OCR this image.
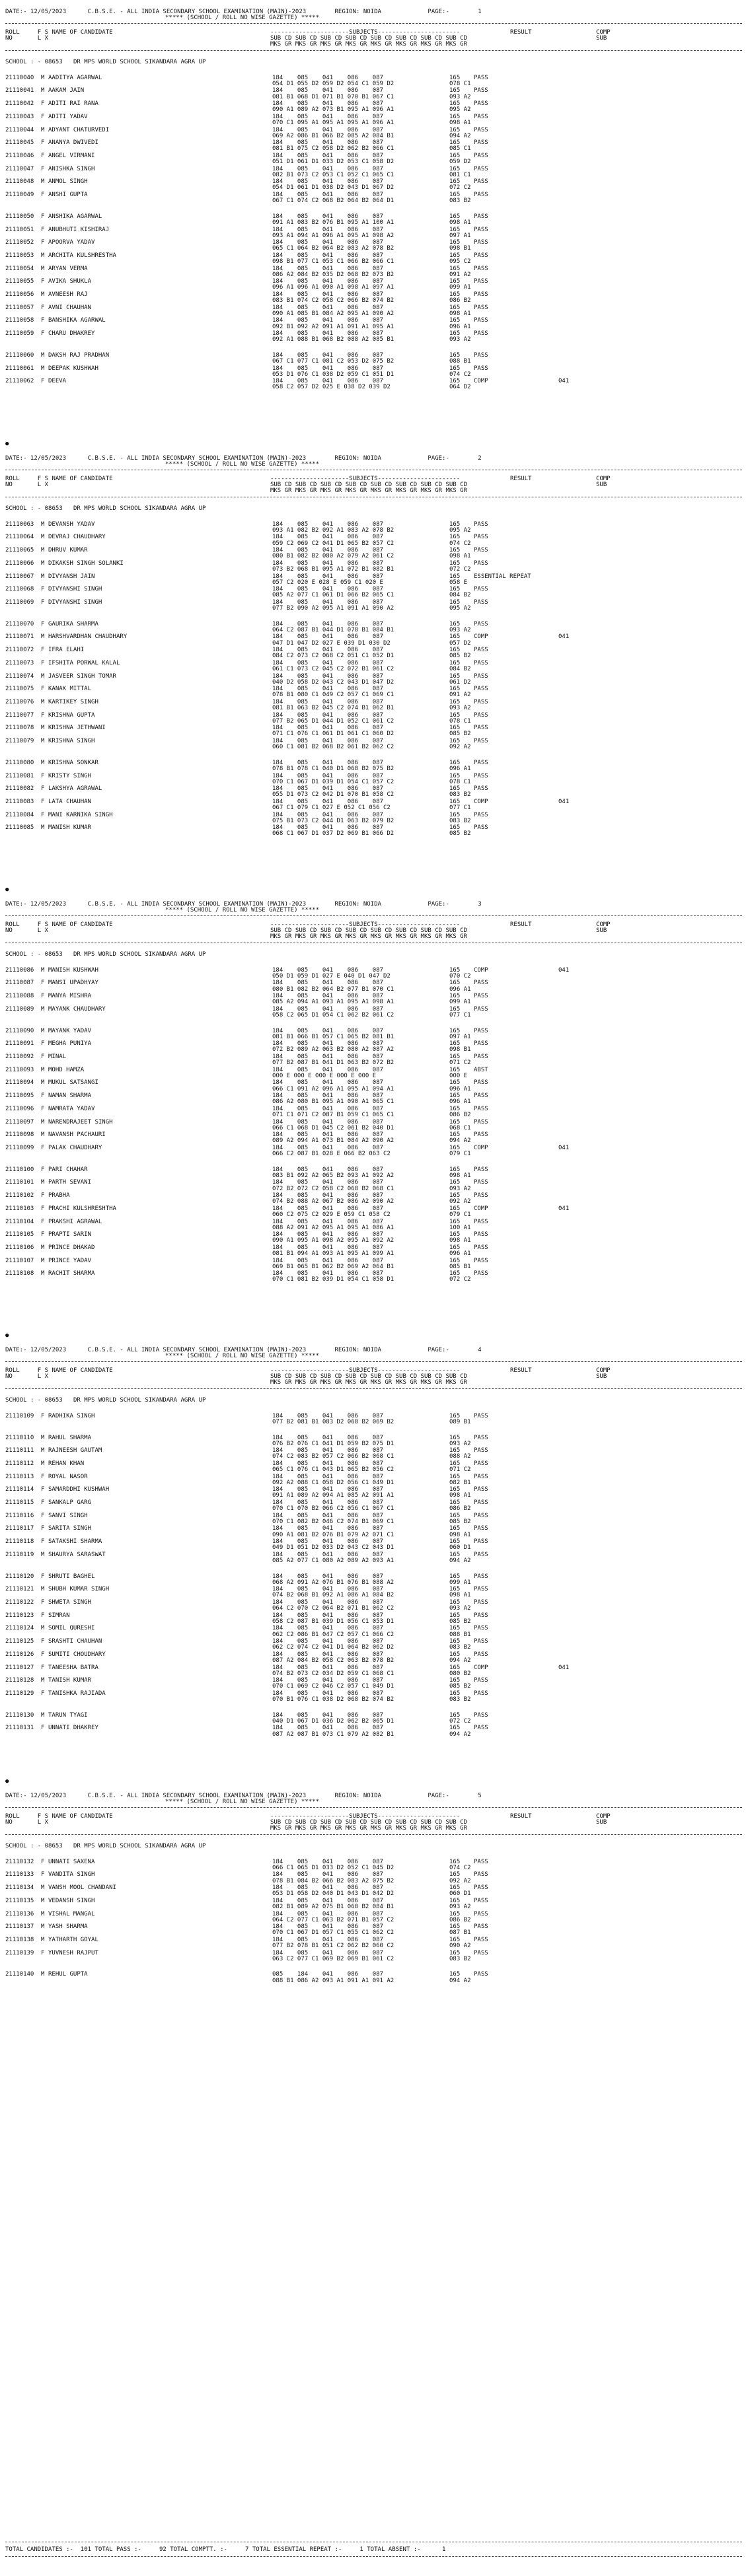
DATE:- 12/05/2023      C.B.S.E. - ALL INDIA SECONDARY SCHOOL EXAMINATION (MAIN)-2023        REGION: NOIDA             PAGE:-        1
***** (SCHOOL / ROLL NO WISE GAZETTE) *****
ROLL     F S NAME OF CANDIDATE                                            ----------------------SUBJECTS-----------------------              RESULT                  COMP
NO       L X                                                              SUB CD SUB CD SUB CD SUB CD SUB CD SUB CD SUB CD SUB CD                                    SUB
MKS GR MKS GR MKS GR MKS GR MKS GR MKS GR MKS GR MKS GR
SCHOOL : - 08653   DR MPS WORLD SCHOOL SIKANDARA AGRA UP
21110040 M AADITYA AGARWAL	184    085    041    086    087	165 PASS
054 D1 055 D2 059 D2 054 C1 059 D2	078 C1
21110041 M AAKAM JAIN	184    085    041    086    087	165 PASS
081 B1 068 D1 071 B1 070 B1 067 C1	093 A2
21110042 F ADITI RAI RANA	184    085    041    086    087	165 PASS
090 A1 089 A2 073 B1 095 A1 096 A1	095 A2
21110043 F ADITI YADAV	184    085    041    086    087	165 PASS
070 C1 095 A1 095 A1 095 A1 096 A1	098 A1
21110044 M ADYANT CHATURVEDI	184    085    041    086    087	165 PASS
069 A2 086 B1 066 B2 085 A2 084 B1	094 A2
21110045 F ANANYA DWIVEDI	184    085    041    086    087	165 PASS
081 B1 075 C2 058 D2 062 B2 066 C1	085 C1
21110046 F ANGEL VIRMANI	184    085    041    086    087	165 PASS
051 D1 061 D1 033 D2 053 C1 058 D2	059 D2
21110047 F ANISHKA SINGH	184    085    041    086    087	165 PASS
082 B1 073 C2 053 C1 052 C1 065 C1	081 C1
21110048 M ANMOL SINGH	184    085    041    086    087	165 PASS
054 D1 061 D1 038 D2 043 D1 067 D2	072 C2
21110049 F ANSHI GUPTA	184    085    041    086    087	165 PASS
067 C1 074 C2 068 B2 064 B2 064 D1	083 B2
21110050 F ANSHIKA AGARWAL	184    085    041    086    087	165 PASS
091 A1 083 B2 076 B1 095 A1 100 A1	098 A1
21110051 F ANUBHUTI KISHIRAJ	184    085    041    086    087	165 PASS
093 A1 094 A1 096 A1 095 A1 098 A2	097 A1
21110052 F APOORVA YADAV	184    085    041    086    087	165 PASS
065 C1 064 B2 064 B2 083 A2 078 B2	098 B1
21110053 M ARCHITA KULSHRESTHA	184    085    041    086    087	165 PASS
098 B1 077 C1 053 C1 066 B2 066 C1	095 C2
21110054 M ARYAN VERMA	184    085    041    086    087	165 PASS
086 A2 084 B2 035 D2 068 B2 073 B2	091 A2
21110055 F AVIKA SHUKLA	184    085    041    086    087	165 PASS
096 A1 096 A1 090 A1 098 A1 097 A1	099 A1
21110056 M AVNEESH RAJ	184    085    041    086    087	165 PASS
083 B1 074 C2 058 C2 066 B2 074 B2	086 B2
21110057 F AVNI CHAUHAN	184    085    041    086    087	165 PASS
090 A1 085 B1 084 A2 095 A1 090 A2	098 A1
21110058 F BANSHIKA AGARWAL	184    085    041    086    087	165 PASS
092 B1 092 A2 091 A1 091 A1 095 A1	096 A1
21110059 F CHARU DHAKREY	184    085    041    086    087	165 PASS
092 A1 088 B1 068 B2 088 A2 085 B1	093 A2
21110060 M DAKSH RAJ PRADHAN	184    085    041    086    087	165 PASS
067 C1 077 C1 081 C2 053 D2 075 B2	088 B1
21110061 M DEEPAK KUSHWAH	184    085    041    086    087	165 PASS
053 D1 076 C1 038 D2 059 C1 051 D1	074 C2
21110062 F DEEVA	184    085    041    086    087	165 COMP	041
058 C2 057 D2 025 E 038 D2 039 D2	064 D2
●
DATE:- 12/05/2023      C.B.S.E. - ALL INDIA SECONDARY SCHOOL EXAMINATION (MAIN)-2023        REGION: NOIDA             PAGE:-        2
***** (SCHOOL / ROLL NO WISE GAZETTE) *****
ROLL     F S NAME OF CANDIDATE                                            ----------------------SUBJECTS-----------------------              RESULT                  COMP
NO       L X                                                              SUB CD SUB CD SUB CD SUB CD SUB CD SUB CD SUB CD SUB CD                                    SUB
MKS GR MKS GR MKS GR MKS GR MKS GR MKS GR MKS GR MKS GR
SCHOOL : - 08653   DR MPS WORLD SCHOOL SIKANDARA AGRA UP
21110063 M DEVANSH YADAV	184    085    041    086    087	165 PASS
093 A1 082 B2 092 A1 083 A2 078 B2	095 A2
21110064 M DEVRAJ CHAUDHARY	184    085    041    086    087	165 PASS
059 C2 069 C2 041 D1 065 B2 057 C2	074 C2
21110065 M DHRUV KUMAR	184    085    041    086    087	165 PASS
080 B1 082 B2 080 A2 079 A2 061 C2	098 A1
21110066 M DIKAKSH SINGH SOLANKI	184    085    041    086    087	165 PASS
073 B2 068 B1 095 A1 072 B1 082 B1	072 C2
21110067 M DIVYANSH JAIN	184    085    041    086    087	165 ESSENTIAL REPEAT
057 C2 020 E 028 E 059 C1 020 E	058 E
21110068 F DIVYANSHI SINGH	184    085    041    086    087	165 PASS
085 A2 077 C1 061 D1 066 B2 065 C1	084 B2
21110069 F DIVYANSHI SINGH	184    085    041    086    087	165 PASS
077 B2 090 A2 095 A1 091 A1 090 A2	095 A2
21110070 F GAURIKA SHARMA	184    085    041    086    087	165 PASS
064 C2 087 B1 044 D1 078 B1 084 B1	093 A2
21110071 M HARSHVARDHAN CHAUDHARY	184    085    041    086    087	165 COMP	041
047 D1 047 D2 027 E 039 D1 030 D2	057 D2
21110072 F IFRA ELAHI	184    085    041    086    087	165 PASS
084 C2 073 C2 068 C2 051 C1 052 D1	085 B2
21110073 F IFSHITA PORWAL KALAL	184    085    041    086    087	165 PASS
061 C1 073 C2 045 C2 072 B1 061 C2	084 B2
21110074 M JASVEER SINGH TOMAR	184    085    041    086    087	165 PASS
040 D2 058 D2 043 C2 043 D1 047 D2	061 D2
21110075 F KANAK MITTAL	184    085    041    086    087	165 PASS
078 B1 080 C1 049 C2 057 C1 069 C1	091 A2
21110076 M KARTIKEY SINGH	184    085    041    086    087	165 PASS
081 B1 063 B2 045 C2 074 B1 062 B1	093 A2
21110077 F KRISHNA GUPTA	184    085    041    086    087	165 PASS
077 B2 065 D1 044 D1 052 C1 061 C2	078 C1
21110078 M KRISHNA JETHWANI	184    085    041    086    087	165 PASS
071 C1 076 C1 061 D1 061 C1 060 D2	085 B2
21110079 M KRISHNA SINGH	184    085    041    086    087	165 PASS
060 C1 081 B2 068 B2 061 B2 062 C2	092 A2
21110080 M KRISHNA SONKAR	184    085    041    086    087	165 PASS
078 B1 078 C1 040 D1 068 B2 075 B2	096 A1
21110081 F KRISTY SINGH	184    085    041    086    087	165 PASS
070 C1 067 D1 039 D1 054 C1 057 C2	078 C1
21110082 F LAKSHYA AGRAWAL	184    085    041    086    087	165 PASS
055 D1 073 C2 042 D1 070 B1 058 C2	083 B2
21110083 F LATA CHAUHAN	184    085    041    086    087	165 COMP	041
067 C1 079 C1 027 E 052 C1 056 C2	077 C1
21110084 F MANI KARNIKA SINGH	184    085    041    086    087	165 PASS
075 B1 073 C2 044 D1 063 B2 079 B2	083 B2
21110085 M MANISH KUMAR	184    085    041    086    087	165 PASS
068 C1 067 D1 037 D2 069 B1 066 D2	085 B2
●
DATE:- 12/05/2023      C.B.S.E. - ALL INDIA SECONDARY SCHOOL EXAMINATION (MAIN)-2023        REGION: NOIDA             PAGE:-        3
***** (SCHOOL / ROLL NO WISE GAZETTE) *****
ROLL     F S NAME OF CANDIDATE                                            ----------------------SUBJECTS-----------------------              RESULT                  COMP
NO       L X                                                              SUB CD SUB CD SUB CD SUB CD SUB CD SUB CD SUB CD SUB CD                                    SUB
MKS GR MKS GR MKS GR MKS GR MKS GR MKS GR MKS GR MKS GR
SCHOOL : - 08653   DR MPS WORLD SCHOOL SIKANDARA AGRA UP
21110086 M MANISH KUSHWAH	184    085    041    086    087	165 COMP	041
050 D1 059 D1 027 E 040 D1 047 D2	070 C2
21110087 F MANSI UPADHYAY	184    085    041    086    087	165 PASS
080 B1 082 B2 064 B2 077 B1 070 C1	096 A1
21110088 F MANYA MISHRA	184    085    041    086    087	165 PASS
085 A2 094 A1 093 A1 095 A1 098 A1	099 A1
21110089 M MAYANK CHAUDHARY	184    085    041    086    087	165 PASS
058 C2 065 D1 054 C1 062 B2 061 C2	077 C1
21110090 M MAYANK YADAV	184    085    041    086    087	165 PASS
081 B1 066 B1 057 C1 065 B2 081 B1	097 A1
21110091 F MEGHA PUNIYA	184    085    041    086    087	165 PASS
072 B2 089 A2 063 B2 080 A2 087 A2	098 B1
21110092 F MINAL	184    085    041    086    087	165 PASS
077 B2 087 B1 041 D1 063 B2 072 B2	071 C2
21110093 M MOHD HAMZA	184    085    041    086    087	165 ABST
000 E 000 E 000 E 000 E 000 E	000 E
21110094 M MUKUL SATSANGI	184    085    041    086    087	165 PASS
066 C1 091 A2 096 A1 095 A1 094 A1	096 A1
21110095 F NAMAN SHARMA	184    085    041    086    087	165 PASS
086 A2 080 B1 095 A1 090 A1 065 C1	096 A1
21110096 F NAMRATA YADAV	184    085    041    086    087	165 PASS
071 C1 071 C2 087 B1 059 C1 065 C1	086 B2
21110097 M NARENDRAJEET SINGH	184    085    041    086    087	165 PASS
066 C1 068 D1 045 C2 061 B2 040 D1	068 C1
21110098 M NAVANSH PACHAURI	184    085    041    086    087	165 PASS
089 A2 094 A1 073 B1 084 A2 090 A2	094 A2
21110099 F PALAK CHAUDHARY	184    085    041    086    087	165 COMP	041
066 C2 087 B1 028 E 066 B2 063 C2	079 C1
21110100 F PARI CHAHAR	184    085    041    086    087	165 PASS
083 B1 092 A2 065 B2 093 A1 092 A2	098 A1
21110101 M PARTH SEVANI	184    085    041    086    087	165 PASS
072 B2 072 C2 058 C2 068 B2 068 C1	093 A2
21110102 F PRABHA	184    085    041    086    087	165 PASS
074 B2 088 A2 067 B2 086 A2 090 A2	092 A2
21110103 F PRACHI KULSHRESHTHA	184    085    041    086    087	165 COMP	041
060 C2 075 C2 029 E 059 C1 058 C2	079 C1
21110104 F PRAKSHI AGRAWAL	184    085    041    086    087	165 PASS
088 A2 091 A2 095 A1 095 A1 086 A1	100 A1
21110105 F PRAPTI SARIN	184    085    041    086    087	165 PASS
090 A1 095 A1 098 A2 095 A1 092 A2	098 A1
21110106 M PRINCE DHAKAD	184    085    041    086    087	165 PASS
081 B1 094 A1 093 A1 095 A1 099 A1	096 A1
21110107 M PRINCE YADAV	184    085    041    086    087	165 PASS
069 B1 065 B1 062 B2 069 A2 064 B1	085 B1
21110108 M RACHIT SHARMA	184    085    041    086    087	165 PASS
070 C1 081 B2 039 D1 054 C1 058 D1	072 C2
●
DATE:- 12/05/2023      C.B.S.E. - ALL INDIA SECONDARY SCHOOL EXAMINATION (MAIN)-2023        REGION: NOIDA             PAGE:-        4
***** (SCHOOL / ROLL NO WISE GAZETTE) *****
ROLL     F S NAME OF CANDIDATE                                            ----------------------SUBJECTS-----------------------              RESULT                  COMP
NO       L X                                                              SUB CD SUB CD SUB CD SUB CD SUB CD SUB CD SUB CD SUB CD                                    SUB
MKS GR MKS GR MKS GR MKS GR MKS GR MKS GR MKS GR MKS GR
SCHOOL : - 08653   DR MPS WORLD SCHOOL SIKANDARA AGRA UP
21110109 F RADHIKA SINGH	184    085    041    086    087	165 PASS
077 B2 081 B1 083 D2 068 B2 069 B2	089 B1
21110110 M RAHUL SHARMA	184    085    041    086    087	165 PASS
076 B2 076 C1 041 D1 059 B2 075 D1	093 A2
21110111 M RAJNEESH GAUTAM	184    085    041    086    087	165 PASS
074 C2 083 B2 057 C2 066 B2 068 C1	088 A2
21110112 M REHAN KHAN	184    085    041    086    087	165 PASS
065 C1 076 C1 043 D1 065 B2 056 C2	071 C2
21110113 F ROYAL NASOR	184    085    041    086    087	165 PASS
092 A2 088 C1 058 D2 056 C1 049 D1	082 B1
21110114 F SAMARDDHI KUSHWAH	184    085    041    086    087	165 PASS
091 A1 089 A2 094 A1 085 A2 091 A1	098 A1
21110115 F SANKALP GARG	184    085    041    086    087	165 PASS
070 C1 070 B2 066 C2 056 C1 067 C1	086 B2
21110116 F SANVI SINGH	184    085    041    086    087	165 PASS
070 C1 082 B2 046 C2 074 B1 069 C1	085 B2
21110117 F SARITA SINGH	184    085    041    086    087	165 PASS
090 A1 081 B2 076 B1 079 A2 071 C1	098 A1
21110118 F SATAKSHI SHARMA	184    085    041    086    087	165 PASS
049 D1 051 D2 033 D2 043 C2 043 D1	060 D1
21110119 M SHAURYA SARASWAT	184    085    041    086    087	165 PASS
085 A2 077 C1 080 A2 089 A2 093 A1	094 A2
21110120 F SHRUTI BAGHEL	184    085    041    086    087	165 PASS
068 A2 091 A2 076 B1 076 B1 088 A2	099 A1
21110121 M SHUBH KUMAR SINGH	184    085    041    086    087	165 PASS
074 B2 068 B1 092 A1 086 A1 084 B2	098 A1
21110122 F SHWETA SINGH	184    085    041    086    087	165 PASS
064 C2 070 C2 064 B2 071 B1 062 C2	093 A2
21110123 F SIMRAN	184    085    041    086    087	165 PASS
058 C2 087 B1 039 D1 056 C1 053 D1	085 B2
21110124 M SOMIL QURESHI	184    085    041    086    087	165 PASS
062 C2 086 B1 047 C2 057 C1 066 C2	088 B1
21110125 F SRASHTI CHAUHAN	184    085    041    086    087	165 PASS
062 C2 074 C2 041 D1 064 B2 062 D2	083 B2
21110126 F SUMITI CHOUDHARY	184    085    041    086    087	165 PASS
087 A2 084 B2 058 C2 063 B2 078 B2	094 A2
21110127 F TANEESHA BATRA	184    085    041    086    087	165 COMP	041
074 B2 073 C2 034 D2 059 C1 068 C1	080 B2
21110128 M TANISH KUMAR	184    085    041    086    087	165 PASS
070 C1 069 C2 046 C2 057 C1 049 D1	085 B2
21110129 F TANISHKA RAJIADA	184    085    041    086    087	165 PASS
070 B1 076 C1 038 D2 068 B2 074 B2	083 B2
21110130 M TARUN TYAGI	184    085    041    086    087	165 PASS
040 D1 067 D1 036 D2 062 B2 065 D1	072 C2
21110131 F UNNATI DHAKREY	184    085    041    086    087	165 PASS
087 A2 087 B1 073 C1 079 A2 082 B1	094 A2
●
DATE:- 12/05/2023      C.B.S.E. - ALL INDIA SECONDARY SCHOOL EXAMINATION (MAIN)-2023        REGION: NOIDA             PAGE:-        5
***** (SCHOOL / ROLL NO WISE GAZETTE) *****
ROLL     F S NAME OF CANDIDATE                                            ----------------------SUBJECTS-----------------------              RESULT                  COMP
NO       L X                                                              SUB CD SUB CD SUB CD SUB CD SUB CD SUB CD SUB CD SUB CD                                    SUB
MKS GR MKS GR MKS GR MKS GR MKS GR MKS GR MKS GR MKS GR
SCHOOL : - 08653   DR MPS WORLD SCHOOL SIKANDARA AGRA UP
21110132 F UNNATI SAXENA	184    085    041    086    087	165 PASS
066 C1 065 D1 033 D2 052 C1 045 D2	074 C2
21110133 F VANDITA SINGH	184    085    041    086    087	165 PASS
078 B1 084 B2 066 B2 083 A2 075 B2	092 A2
21110134 M VANSH MOOL CHANDANI	184    085    041    086    087	165 PASS
053 D1 058 D2 040 D1 043 D1 042 D2	060 D1
21110135 M VEDANSH SINGH	184    085    041    086    087	165 PASS
082 B1 089 A2 075 B1 068 B2 084 B1	093 A2
21110136 M VISHAL MANGAL	184    085    041    086    087	165 PASS
064 C2 077 C1 063 B2 071 B1 057 C2	086 B2
21110137 M YASH SHARMA	184    085    041    086    087	165 PASS
070 C1 067 D1 057 C1 055 C1 062 C2	087 B1
21110138 M YATHARTH GOYAL	184    085    041    086    087	165 PASS
077 B2 078 B1 051 C2 062 B2 060 C2	090 A2
21110139 F YUVNESH RAJPUT	184    085    041    086    087	165 PASS
063 C2 077 C1 069 B2 069 B1 061 C2	083 B2
21110140 M REHUL GUPTA	085    184    041    086    087	165 PASS
088 B1 086 A2 093 A1 091 A1 091 A2	094 A2
TOTAL CANDIDATES :-  101 TOTAL PASS :-     92 TOTAL COMPTT. :-     7 TOTAL ESSENTIAL REPEAT :-     1 TOTAL ABSENT :-      1
